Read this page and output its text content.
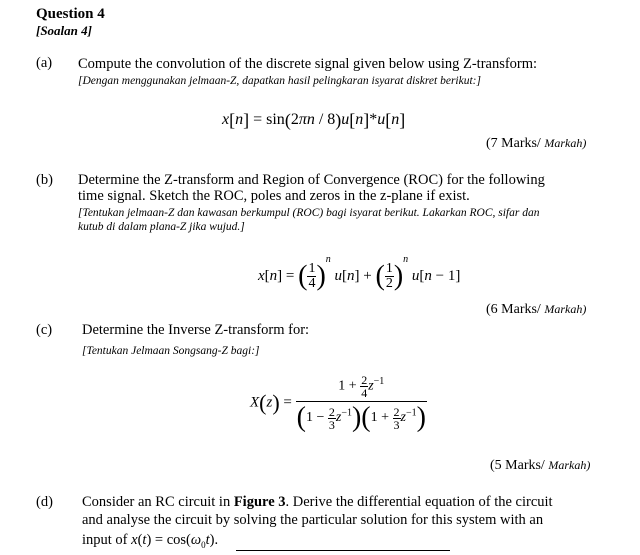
Question 4
[Soalan 4]
(a) Compute the convolution of the discrete signal given below using Z-transform:
[Dengan menggunakan jelmaan-Z, dapatkan hasil pelingkaran isyarat diskret berikut:]
x[n] = sin(2πn / 8)u[n]*u[n]
(7 Marks/ Markah)
(b) Determine the Z-transform and Region of Convergence (ROC) for the following
time signal. Sketch the ROC, poles and zeros in the z-plane if exist.
[Tentukan jelmaan-Z dan kawasan berkumpul (ROC) bagi isyarat berikut. Lakarkan ROC, sifar dan
kutub di dalam plana-Z jika wujud.]
x[n] = ( $\frac{1}{4} )^n$ u[n] + ( $\frac{1}{2} )^n$ u[n − 1]
(6 Marks/ Markah)
(c) Determine the Inverse Z-transform for:
[Tentukan Jelmaan Songsang-Z bagi:]
$X(z) = \frac{1 + \frac{2}{4} z^{-1}}{(1 - \frac{2}{3} z^{-1})(1 + \frac{2}{3} z^{-1})}$
(5 Marks/ Markah)
(d) Consider an RC circuit in Figure 3. Derive the differential equation of the circuit
and analyse the circuit by solving the particular solution for this system with an
input of $x(t) = \cos(\omega_0t)$.
